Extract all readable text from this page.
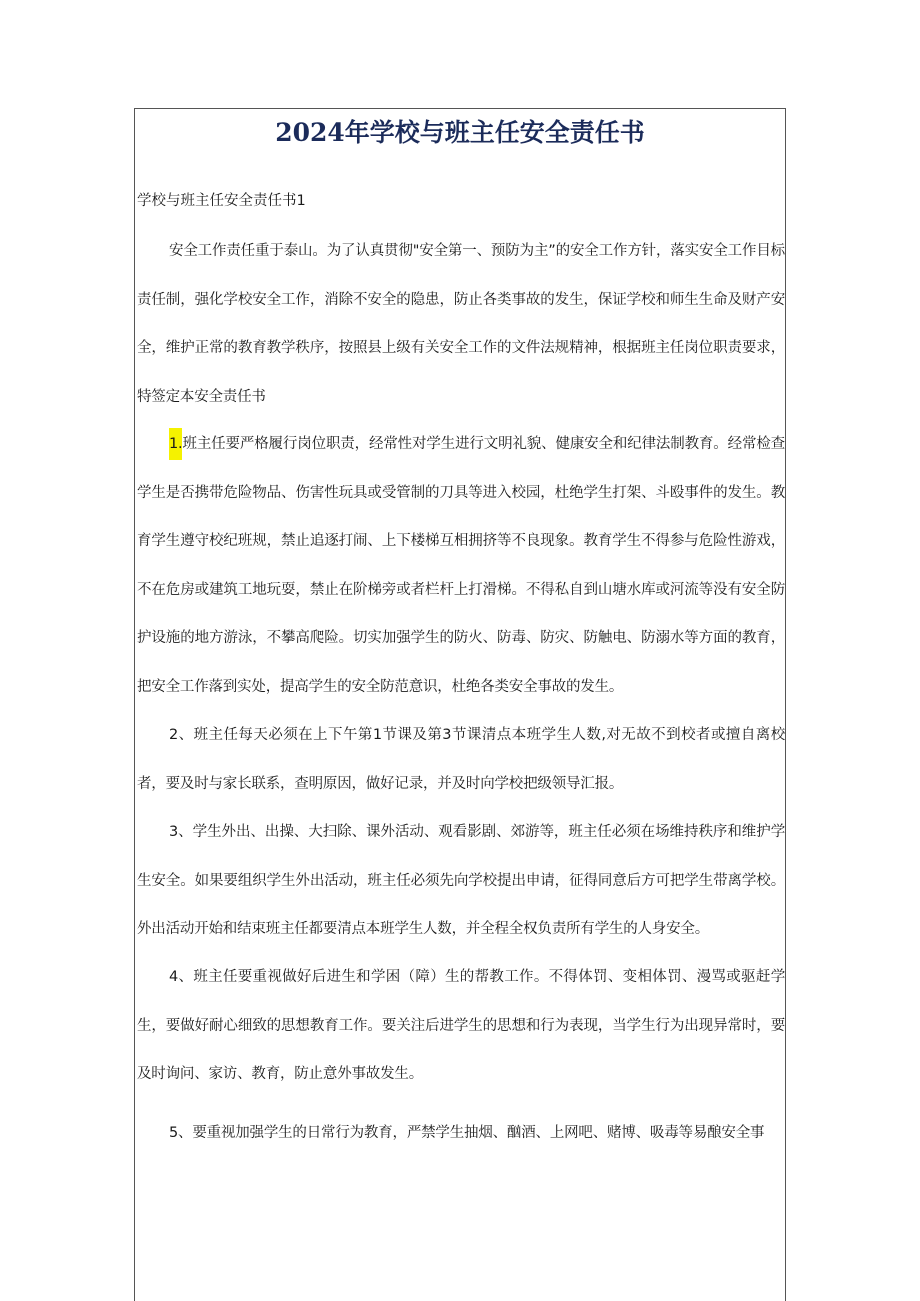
2024年学校与班主任安全责任书

学校与班主任安全责任书1

安全工作责任重于泰山。为了认真贯彻"安全第一、预防为主”的安全工作方针，落实安全工作目标责任制，强化学校安全工作，消除不安全的隐患，防止各类事故的发生，保证学校和师生生命及财产安全，维护正常的教育教学秩序，按照县上级有关安全工作的文件法规精神，根据班主任岗位职责要求，特签定本安全责任书

1.班主任要严格履行岗位职责，经常性对学生进行文明礼貌、健康安全和纪律法制教育。经常检查学生是否携带危险物品、伤害性玩具或受管制的刀具等进入校园，杜绝学生打架、斗殴事件的发生。教育学生遵守校纪班规，禁止追逐打闹、上下楼梯互相拥挤等不良现象。教育学生不得参与危险性游戏，不在危房或建筑工地玩耍，禁止在阶梯旁或者栏杆上打滑梯。不得私自到山塘水库或河流等没有安全防护设施的地方游泳，不攀高爬险。切实加强学生的防火、防毒、防灾、防触电、防溺水等方面的教育，把安全工作落到实处，提高学生的安全防范意识，杜绝各类安全事故的发生。

2、班主任每天必须在上下午第1节课及第3节课清点本班学生人数,对无故不到校者或擅自离校者，要及时与家长联系，查明原因，做好记录，并及时向学校把级领导汇报。

3、学生外出、出操、大扫除、课外活动、观看影剧、郊游等，班主任必须在场维持秩序和维护学生安全。如果要组织学生外出活动，班主任必须先向学校提出申请，征得同意后方可把学生带离学校。外出活动开始和结束班主任都要清点本班学生人数，并全程全权负责所有学生的人身安全。

4、班主任要重视做好后进生和学困（障）生的帮教工作。不得体罚、变相体罚、漫骂或驱赶学生，要做好耐心细致的思想教育工作。要关注后进学生的思想和行为表现，当学生行为出现异常时，要及时询问、家访、教育，防止意外事故发生。

5、要重视加强学生的日常行为教育，严禁学生抽烟、酗酒、上网吧、赌博、吸毒等易酿安全事
